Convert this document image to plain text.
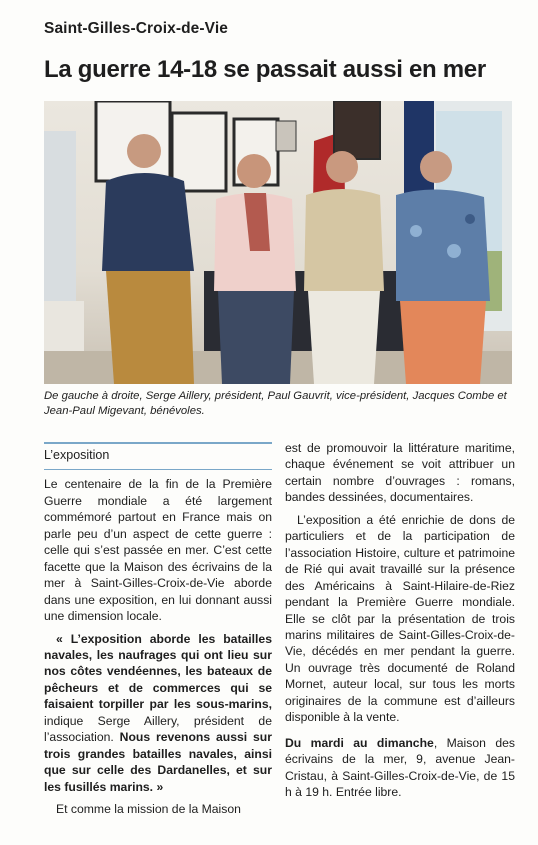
Saint-Gilles-Croix-de-Vie
La guerre 14-18 se passait aussi en mer
De gauche à droite, Serge Aillery, président, Paul Gauvrit, vice-président, Jacques Combe et Jean-Paul Migevant, bénévoles.
L’exposition

Le centenaire de la fin de la Première Guerre mondiale a été largement commémoré partout en France mais on parle peu d’un aspect de cette guerre : celle qui s’est passée en mer. C’est cette facette que la Maison des écrivains de la mer à Saint-Gilles-Croix-de-Vie aborde dans une exposition, en lui donnant aussi une dimension locale.

« L’exposition aborde les batailles navales, les naufrages qui ont lieu sur nos côtes vendéennes, les bateaux de pêcheurs et de commerces qui se faisaient torpiller par les sous-marins, indique Serge Aillery, président de l’association. Nous revenons aussi sur trois grandes batailles navales, ainsi que sur celle des Dardanelles, et sur les fusillés marins. »

Et comme la mission de la Maison

est de promouvoir la littérature maritime, chaque événement se voit attribuer un certain nombre d’ouvrages : romans, bandes dessinées, documentaires.

L’exposition a été enrichie de dons de particuliers et de la participation de l’association Histoire, culture et patrimoine de Rié qui avait travaillé sur la présence des Américains à Saint-Hilaire-de-Riez pendant la Première Guerre mondiale. Elle se clôt par la présentation de trois marins militaires de Saint-Gilles-Croix-de-Vie, décédés en mer pendant la guerre. Un ouvrage très documenté de Roland Mornet, auteur local, sur tous les morts originaires de la commune est d’ailleurs disponible à la vente.

Du mardi au dimanche, Maison des écrivains de la mer, 9, avenue Jean-Cristau, à Saint-Gilles-Croix-de-Vie, de 15 h à 19 h. Entrée libre.
